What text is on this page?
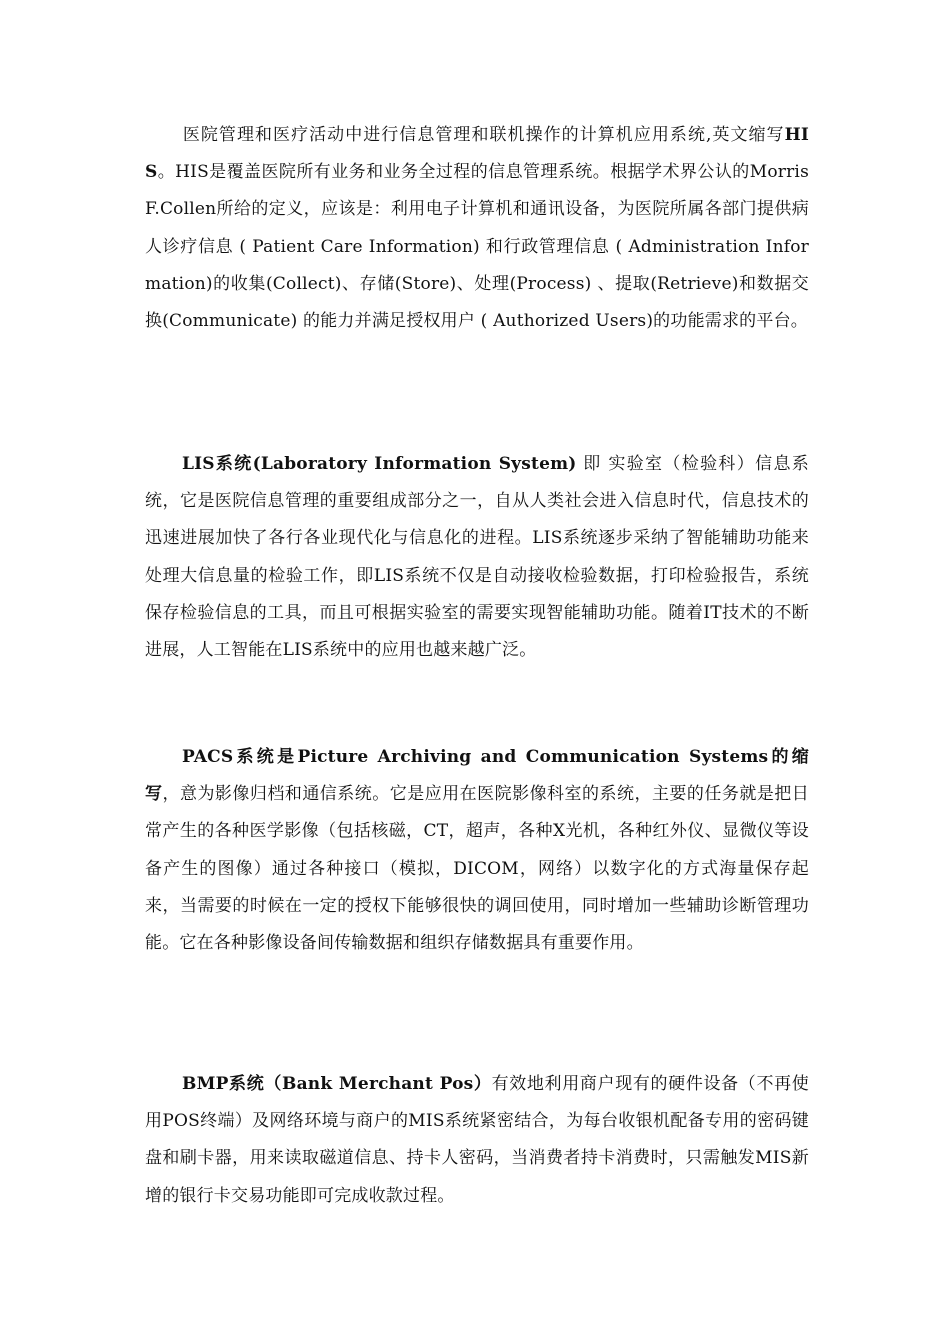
医院管理和医疗活动中进行信息管理和联机操作的计算机应用系统,英文缩写HIS。HIS是覆盖医院所有业务和业务全过程的信息管理系统。根据学术界公认的MorrisF.Collen所给的定义，应该是：利用电子计算机和通讯设备，为医院所属各部门提供病人诊疗信息 ( Patient Care Information) 和行政管理信息 ( Administration Information)的收集(Collect)、存储(Store)、处理(Process) 、提取(Retrieve)和数据交换(Communicate) 的能力并满足授权用户 ( Authorized Users)的功能需求的平台。

LIS系统(Laboratory Information System) 即 实验室（检验科）信息系统，它是医院信息管理的重要组成部分之一，自从人类社会进入信息时代，信息技术的迅速进展加快了各行各业现代化与信息化的进程。LIS系统逐步采纳了智能辅助功能来处理大信息量的检验工作，即LIS系统不仅是自动接收检验数据，打印检验报告，系统保存检验信息的工具，而且可根据实验室的需要实现智能辅助功能。随着IT技术的不断进展，人工智能在LIS系统中的应用也越来越广泛。

PACS系统是Picture Archiving and Communication Systems的缩写，意为影像归档和通信系统。它是应用在医院影像科室的系统，主要的任务就是把日常产生的各种医学影像（包括核磁，CT，超声，各种X光机，各种红外仪、显微仪等设备产生的图像）通过各种接口（模拟，DICOM，网络）以数字化的方式海量保存起来，当需要的时候在一定的授权下能够很快的调回使用，同时增加一些辅助诊断管理功能。它在各种影像设备间传输数据和组织存储数据具有重要作用。

BMP系统（Bank Merchant Pos）有效地利用商户现有的硬件设备（不再使用POS终端）及网络环境与商户的MIS系统紧密结合，为每台收银机配备专用的密码键盘和刷卡器，用来读取磁道信息、持卡人密码，当消费者持卡消费时，只需触发MIS新增的银行卡交易功能即可完成收款过程。
